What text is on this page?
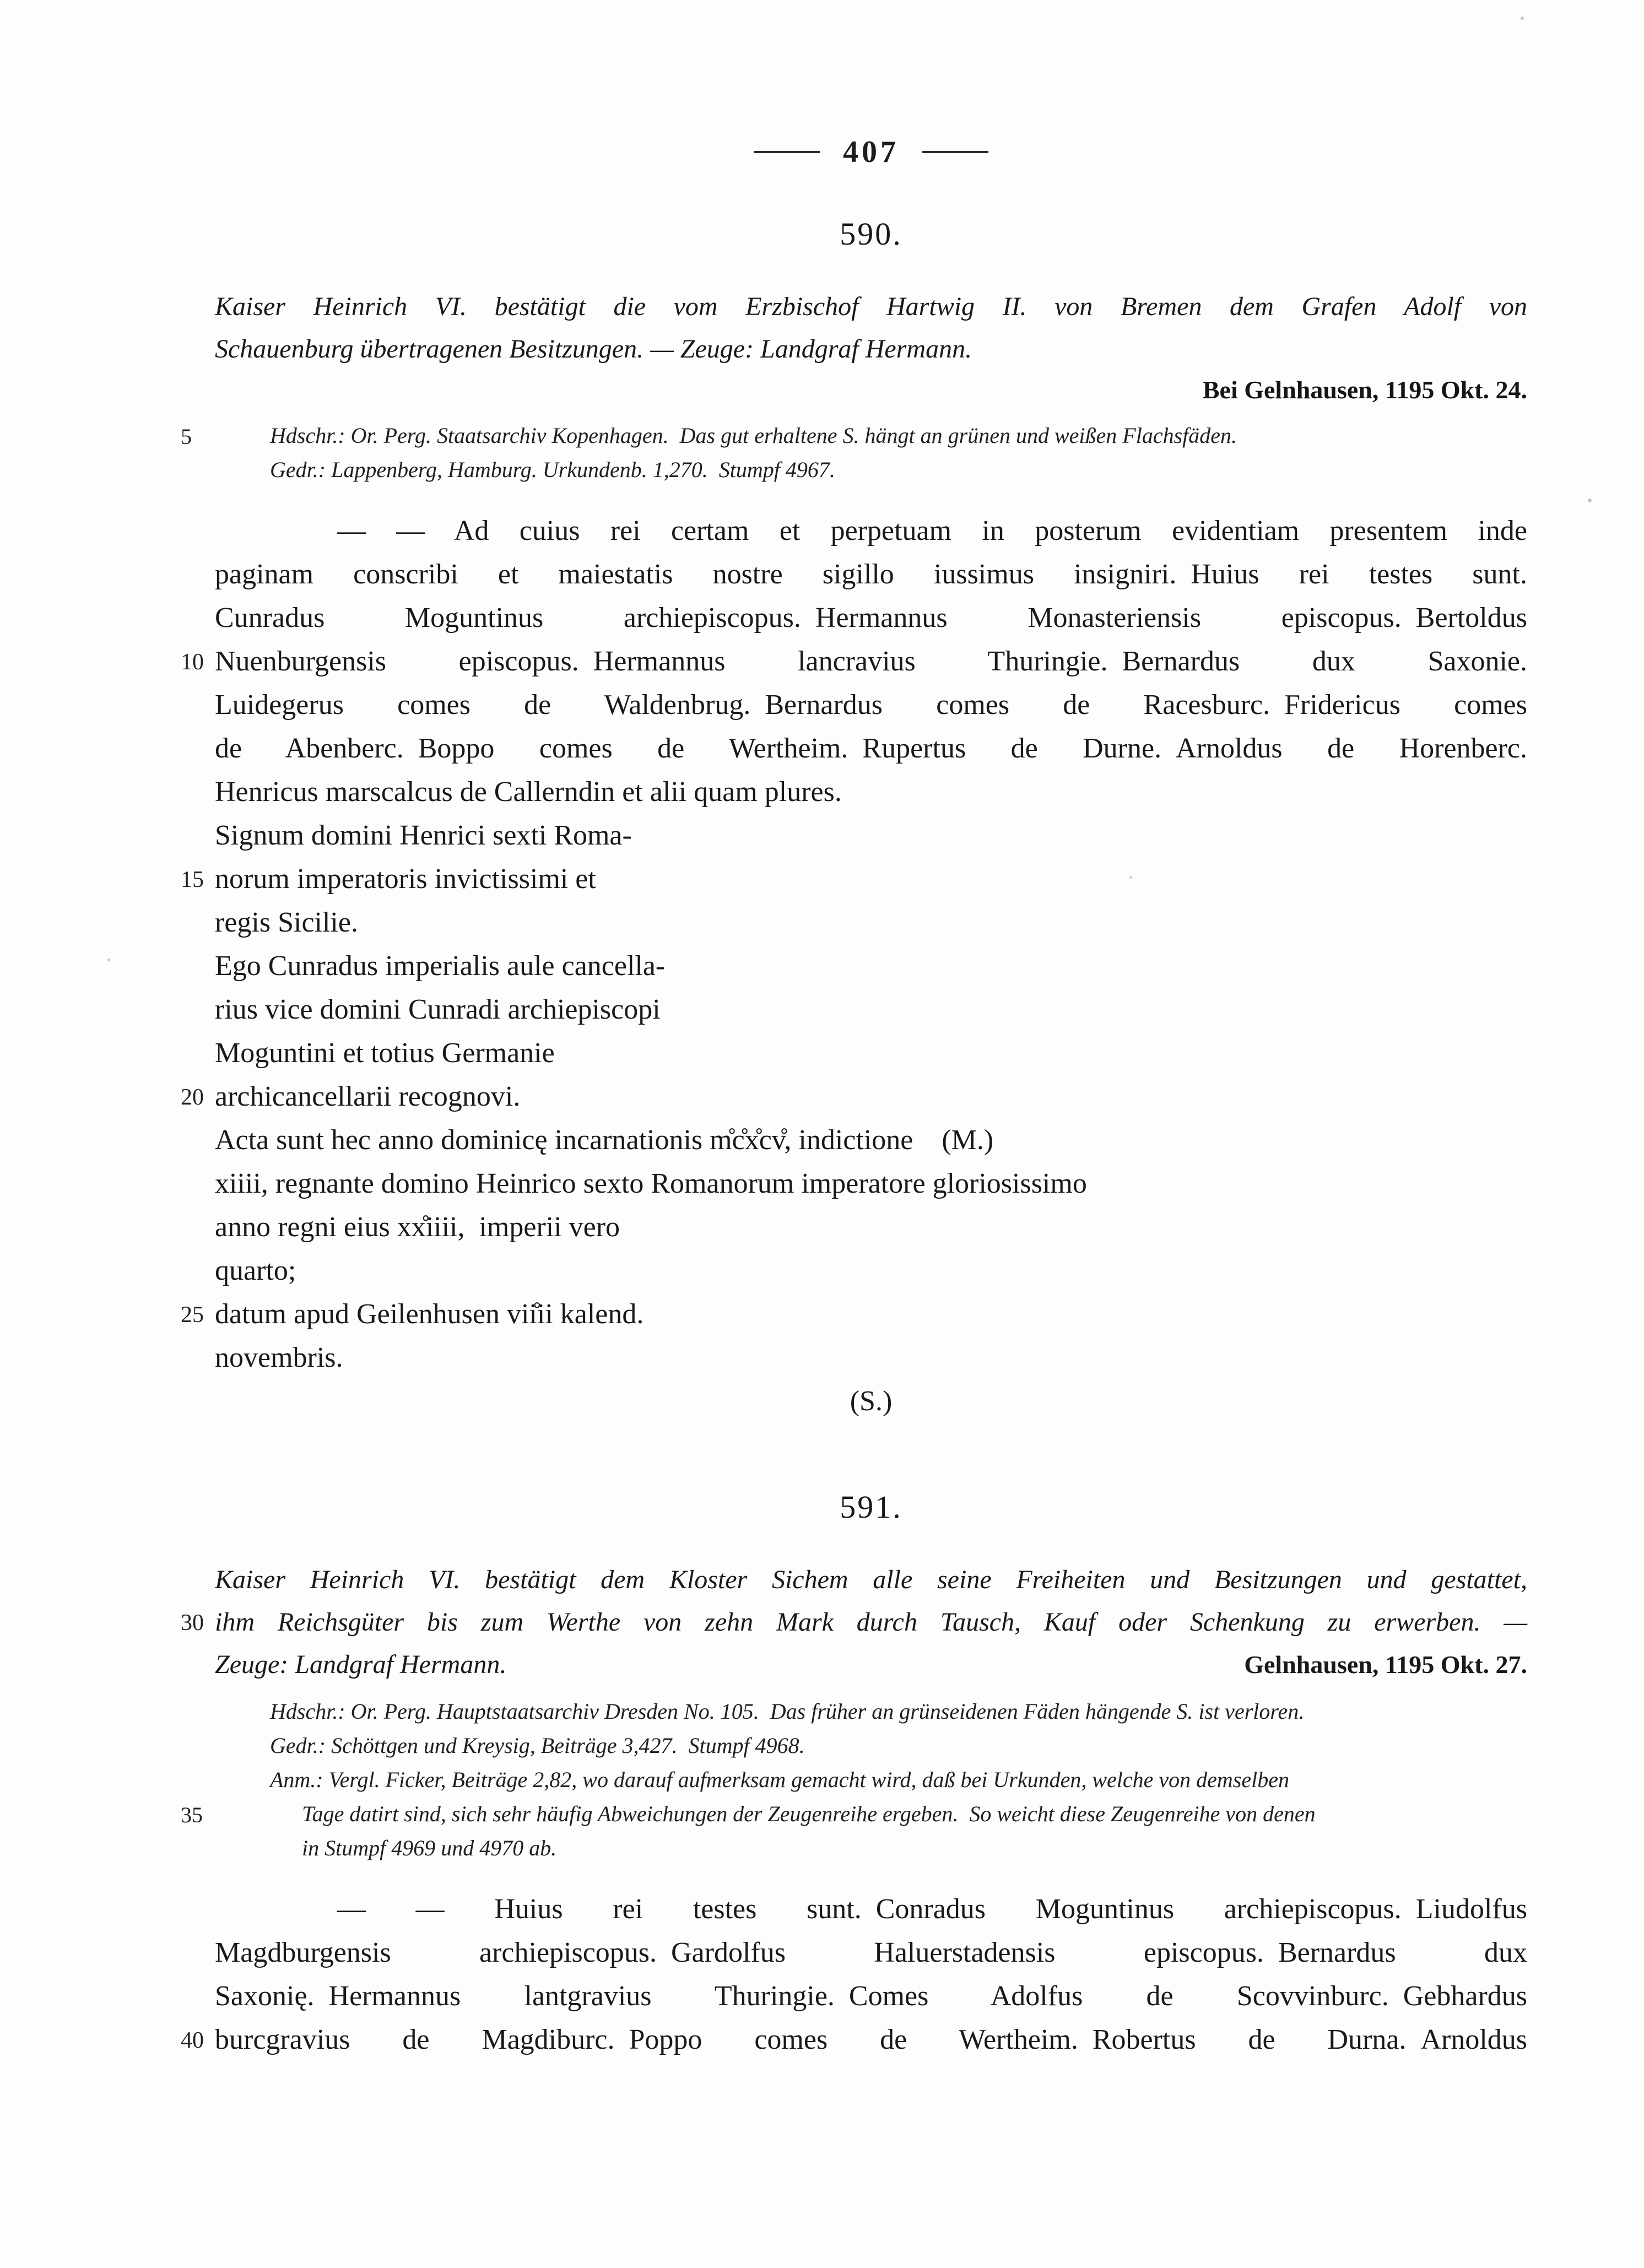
407
590.
Kaiser Heinrich VI. bestätigt die vom Erzbischof Hartwig II. von Bremen dem Grafen Adolf von
Schauenburg übertragenen Besitzungen. — Zeuge: Landgraf Hermann.
Bei Gelnhausen, 1195 Okt. 24.
5	Hdschr.: Or. Perg. Staatsarchiv Kopenhagen. Das gut erhaltene S. hängt an grünen und weißen Flachsfäden.
Gedr.: Lappenberg, Hamburg. Urkundenb. 1,270. Stumpf 4967.
— — Ad cuius rei certam et perpetuam in posterum evidentiam presentem inde
paginam conscribi et maiestatis nostre sigillo iussimus insigniri. Huius rei testes sunt.
Cunradus Moguntinus archiepiscopus. Hermannus Monasteriensis episcopus. Bertoldus
10 Nuenburgensis episcopus. Hermannus lancravius Thuringie. Bernardus dux Saxonie.
Luidegerus comes de Waldenbrug. Bernardus comes de Racesburc. Fridericus comes
de Abenberc. Boppo comes de Wertheim. Rupertus de Durne. Arnoldus de Horenberc.
Henricus marscalcus de Callerndin et alii quam plures.
Signum domini Henrici sexti Roma-
15 norum imperatoris invictissimi et
regis Sicilie.
Ego Cunradus imperialis aule cancella-
rius vice domini Cunradi archiepiscopi
Moguntini et totius Germanie
20 archicancellarii recognovi.
Acta sunt hec anno dominicę incarnationis m̊c̊x̊cv̊, indictione (M.)
xiiii, regnante domino Heinrico sexto Romanorum imperatore gloriosissimo
anno regni eius xx̊iiii, imperii vero
quarto;
25 datum apud Geilenhusen vii̊ii kalend.
novembris.
(S.)
591.
Kaiser Heinrich VI. bestätigt dem Kloster Sichem alle seine Freiheiten und Besitzungen und gestattet,
30 ihm Reichsgüter bis zum Werthe von zehn Mark durch Tausch, Kauf oder Schenkung zu erwerben. —
Zeuge: Landgraf Hermann.	Gelnhausen, 1195 Okt. 27.
Hdschr.: Or. Perg. Hauptstaatsarchiv Dresden No. 105. Das früher an grünseidenen Fäden hängende S. ist verloren.
Gedr.: Schöttgen und Kreysig, Beiträge 3,427. Stumpf 4968.
Anm.: Vergl. Ficker, Beiträge 2,82, wo darauf aufmerksam gemacht wird, daß bei Urkunden, welche von demselben
35	Tage datirt sind, sich sehr häufig Abweichungen der Zeugenreihe ergeben. So weicht diese Zeugenreihe von denen
in Stumpf 4969 und 4970 ab.
— — Huius rei testes sunt. Conradus Moguntinus archiepiscopus. Liudolfus
Magdburgensis archiepiscopus. Gardolfus Haluerstadensis episcopus. Bernardus dux
Saxonię. Hermannus lantgravius Thuringie. Comes Adolfus de Scovvinburc. Gebhardus
40 burcgravius de Magdiburc. Poppo comes de Wertheim. Robertus de Durna. Arnoldus
